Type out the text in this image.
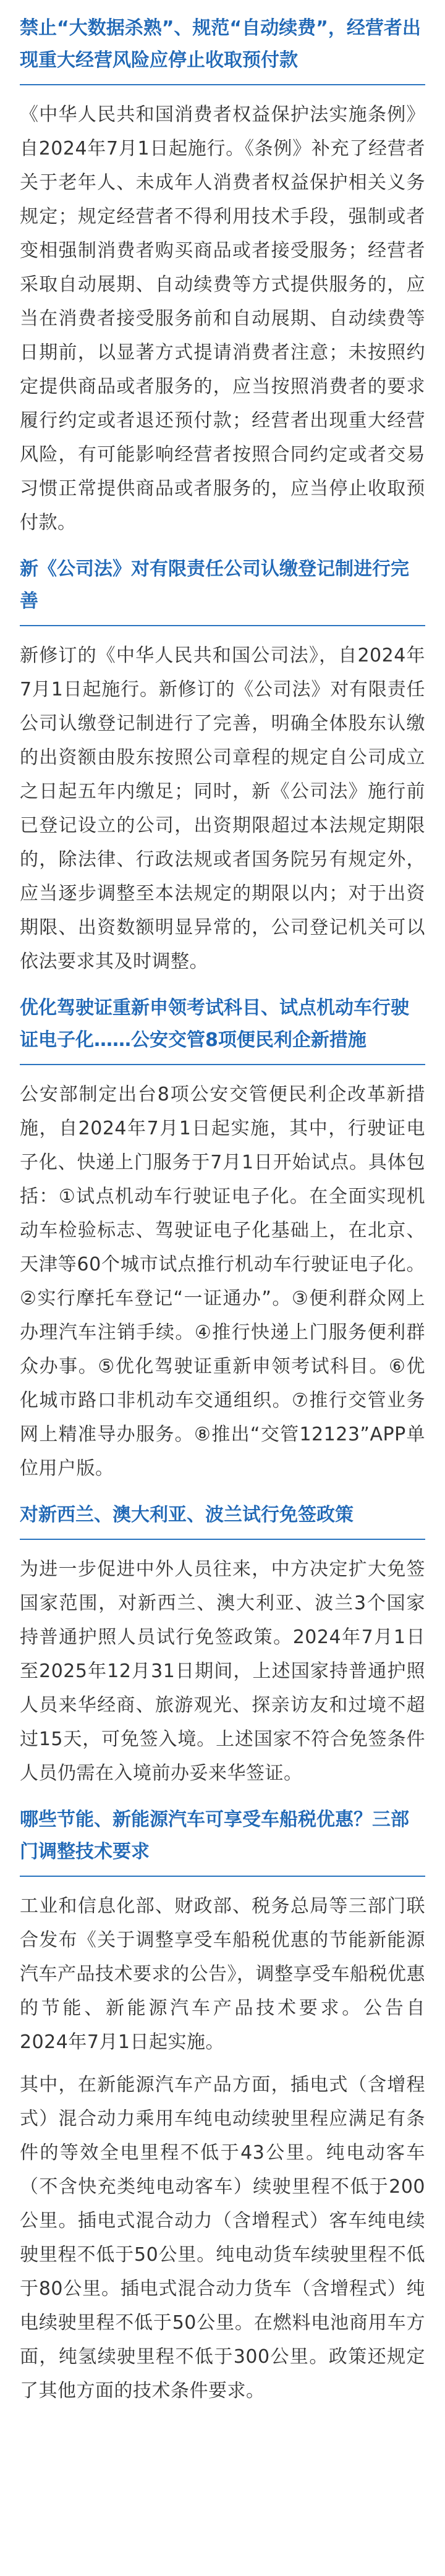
禁止“大数据杀熟”、规范“自动续费”，经营者出现重大经营风险应停止收取预付款

《中华人民共和国消费者权益保护法实施条例》自2024年7月1日起施行。《条例》补充了经营者关于老年人、未成年人消费者权益保护相关义务规定；规定经营者不得利用技术手段，强制或者变相强制消费者购买商品或者接受服务；经营者采取自动展期、自动续费等方式提供服务的，应当在消费者接受服务前和自动展期、自动续费等日期前，以显著方式提请消费者注意；未按照约定提供商品或者服务的，应当按照消费者的要求履行约定或者退还预付款；经营者出现重大经营风险，有可能影响经营者按照合同约定或者交易习惯正常提供商品或者服务的，应当停止收取预付款。

新《公司法》对有限责任公司认缴登记制进行完善

新修订的《中华人民共和国公司法》，自2024年7月1日起施行。新修订的《公司法》对有限责任公司认缴登记制进行了完善，明确全体股东认缴的出资额由股东按照公司章程的规定自公司成立之日起五年内缴足；同时，新《公司法》施行前已登记设立的公司，出资期限超过本法规定期限的，除法律、行政法规或者国务院另有规定外，应当逐步调整至本法规定的期限以内；对于出资期限、出资数额明显异常的，公司登记机关可以依法要求其及时调整。

优化驾驶证重新申领考试科目、试点机动车行驶证电子化……公安交管8项便民利企新措施

公安部制定出台8项公安交管便民利企改革新措施，自2024年7月1日起实施，其中，行驶证电子化、快递上门服务于7月1日开始试点。具体包括：①试点机动车行驶证电子化。在全面实现机动车检验标志、驾驶证电子化基础上，在北京、天津等60个城市试点推行机动车行驶证电子化。②实行摩托车登记“一证通办”。③便利群众网上办理汽车注销手续。④推行快递上门服务便利群众办事。⑤优化驾驶证重新申领考试科目。⑥优化城市路口非机动车交通组织。⑦推行交管业务网上精准导办服务。⑧推出“交管12123”APP单位用户版。

对新西兰、澳大利亚、波兰试行免签政策

为进一步促进中外人员往来，中方决定扩大免签国家范围，对新西兰、澳大利亚、波兰3个国家持普通护照人员试行免签政策。2024年7月1日至2025年12月31日期间，上述国家持普通护照人员来华经商、旅游观光、探亲访友和过境不超过15天，可免签入境。上述国家不符合免签条件人员仍需在入境前办妥来华签证。

哪些节能、新能源汽车可享受车船税优惠？三部门调整技术要求

工业和信息化部、财政部、税务总局等三部门联合发布《关于调整享受车船税优惠的节能新能源汽车产品技术要求的公告》，调整享受车船税优惠的节能、新能源汽车产品技术要求。公告自2024年7月1日起实施。

其中，在新能源汽车产品方面，插电式（含增程式）混合动力乘用车纯电动续驶里程应满足有条件的等效全电里程不低于43公里。纯电动客车（不含快充类纯电动客车）续驶里程不低于200公里。插电式混合动力（含增程式）客车纯电续驶里程不低于50公里。纯电动货车续驶里程不低于80公里。插电式混合动力货车（含增程式）纯电续驶里程不低于50公里。在燃料电池商用车方面，纯氢续驶里程不低于300公里。政策还规定了其他方面的技术条件要求。
